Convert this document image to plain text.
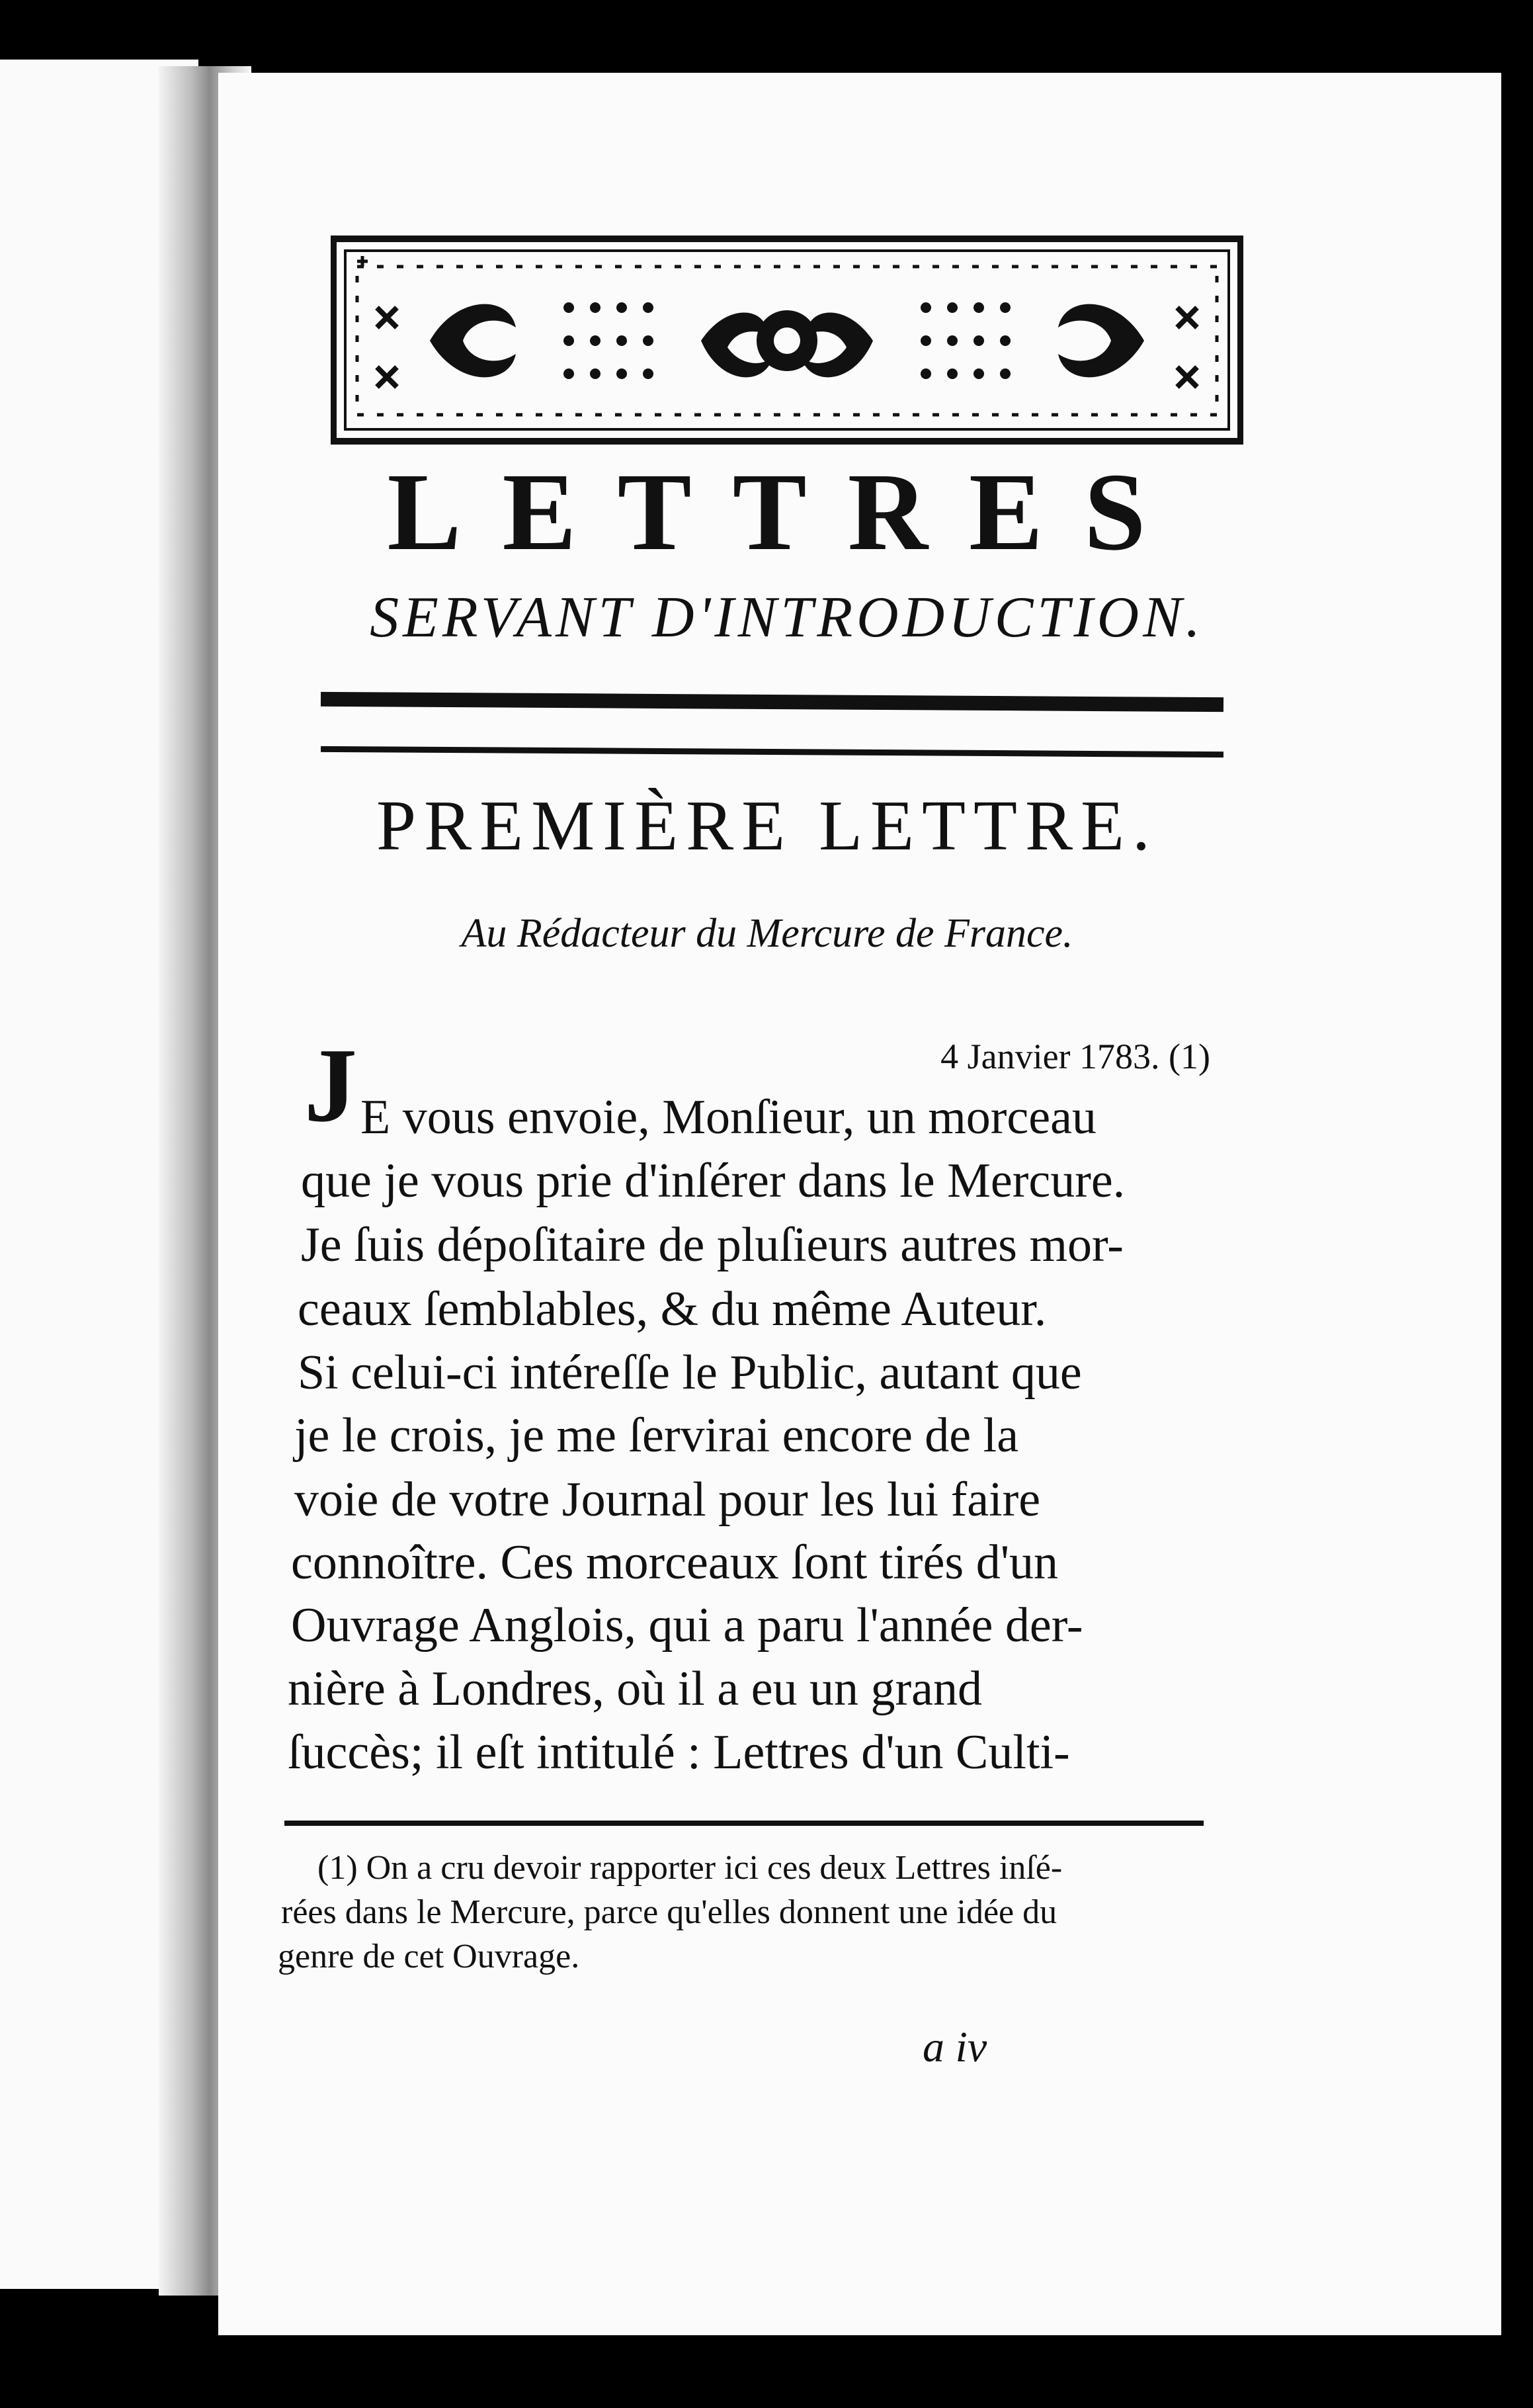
LETTRES
SERVANT D'INTRODUCTION.
PREMIÈRE LETTRE.
Au Rédacteur du Mercure de France.
4 Janvier 1783. (1)
J E vous envoie, Monſieur, un morceau
que je vous prie d'inſérer dans le Mercure.
Je ſuis dépoſitaire de pluſieurs autres mor-
ceaux ſemblables, & du même Auteur.
Si celui-ci intéreſſe le Public, autant que
je le crois, je me ſervirai encore de la
voie de votre Journal pour les lui faire
connoître. Ces morceaux ſont tirés d'un
Ouvrage Anglois, qui a paru l'année der-
nière à Londres, où il a eu un grand
ſuccès; il eſt intitulé : Lettres d'un Culti-
(1) On a cru devoir rapporter ici ces deux Lettres inſé-
rées dans le Mercure, parce qu'elles donnent une idée du
genre de cet Ouvrage.
a iv
